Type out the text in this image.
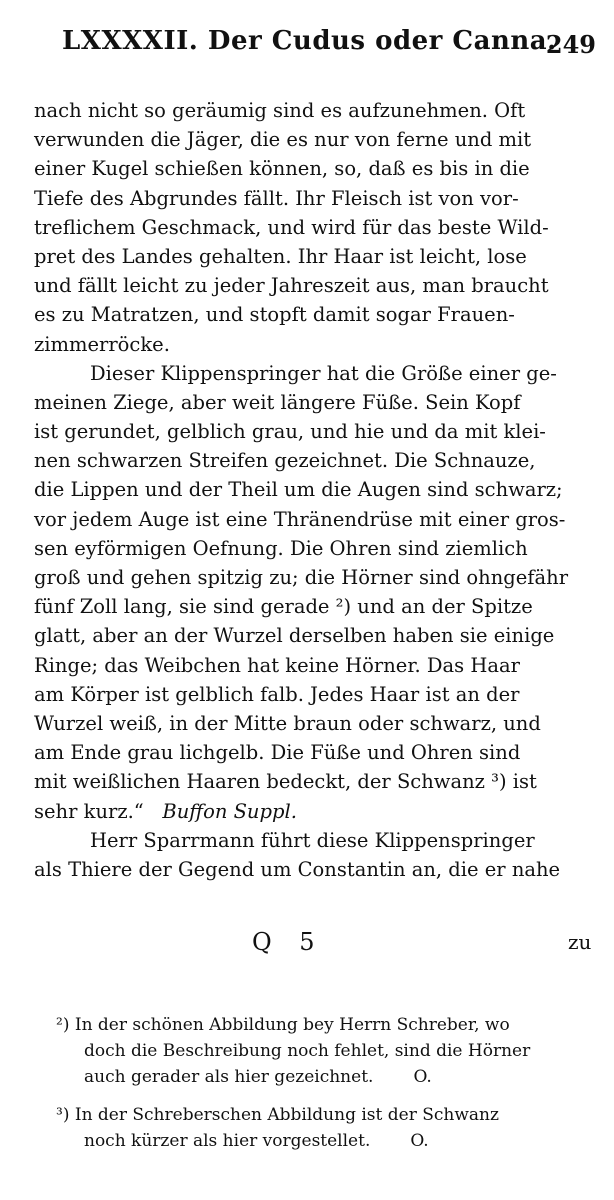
LXXXXII. Der Cudus oder Canna.
249
nach nicht so geräumig sind es aufzunehmen. Oft
verwunden die Jäger, die es nur von ferne und mit
einer Kugel schießen können, so, daß es bis in die
Tiefe des Abgrundes fällt. Ihr Fleisch ist von vor-
treflichem Geschmack, und wird für das beste Wild-
pret des Landes gehalten. Ihr Haar ist leicht, lose
und fällt leicht zu jeder Jahreszeit aus, man braucht
es zu Matratzen, und stopft damit sogar Frauen-
zimmerröcke.
Dieser Klippenspringer hat die Größe einer ge-
meinen Ziege, aber weit längere Füße. Sein Kopf
ist gerundet, gelblich grau, und hie und da mit klei-
nen schwarzen Streifen gezeichnet. Die Schnauze,
die Lippen und der Theil um die Augen sind schwarz;
vor jedem Auge ist eine Thränendrüse mit einer gros-
sen eyförmigen Oefnung. Die Ohren sind ziemlich
groß und gehen spitzig zu; die Hörner sind ohngefähr
fünf Zoll lang, sie sind gerade ²) und an der Spitze
glatt, aber an der Wurzel derselben haben sie einige
Ringe; das Weibchen hat keine Hörner. Das Haar
am Körper ist gelblich falb. Jedes Haar ist an der
Wurzel weiß, in der Mitte braun oder schwarz, und
am Ende grau lichgelb. Die Füße und Ohren sind
mit weißlichen Haaren bedeckt, der Schwanz ³) ist
sehr kurz.“ Buffon Suppl.
Herr Sparrmann führt diese Klippenspringer
als Thiere der Gegend um Constantin an, die er nahe
Q 5	zu
²) In der schönen Abbildung bey Herrn Schreber, wo
doch die Beschreibung noch fehlet, sind die Hörner
auch gerader als hier gezeichnet. O.
³) In der Schreberschen Abbildung ist der Schwanz
noch kürzer als hier vorgestellet. O.
